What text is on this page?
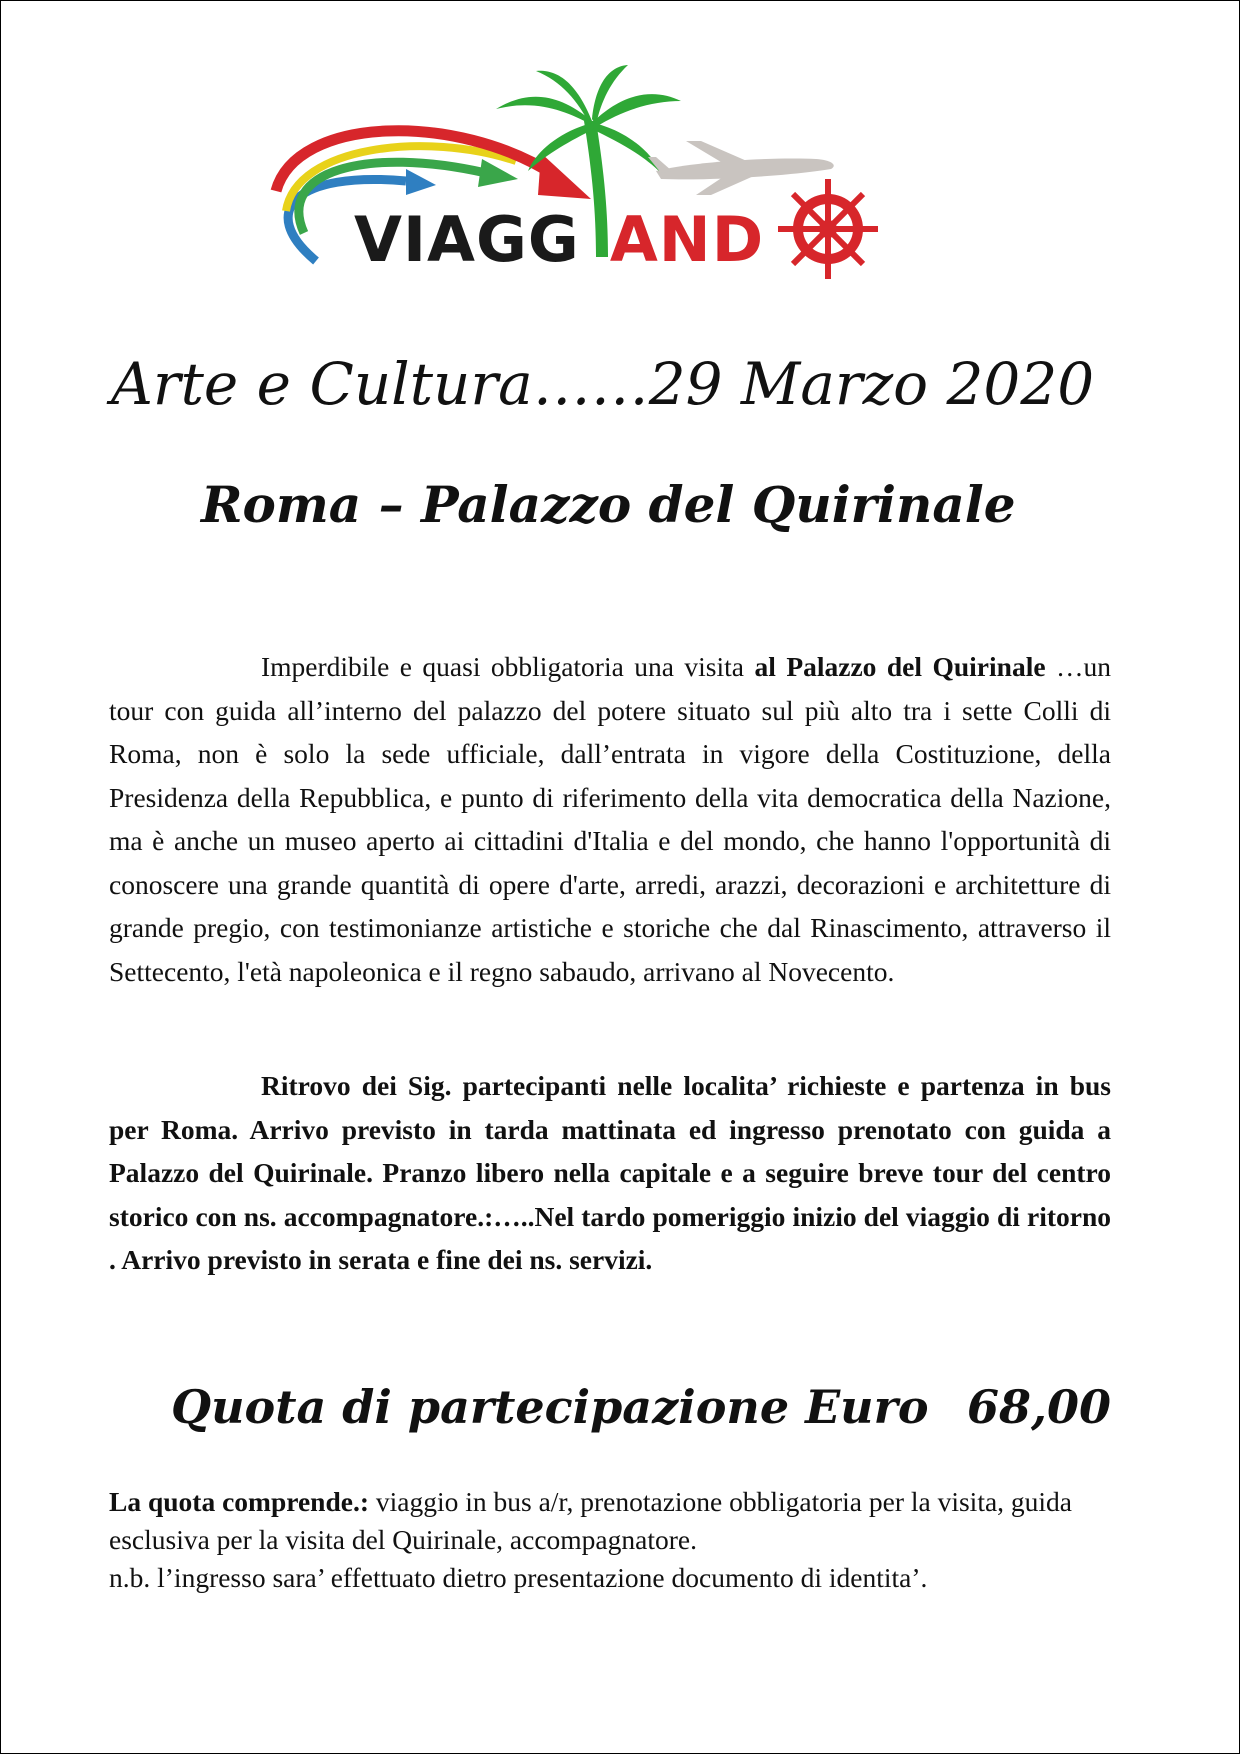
VIAGG AND
Arte e Cultura……29 Marzo 2020
Roma – Palazzo del Quirinale
Imperdibile e quasi obbligatoria una visita al Palazzo del Quirinale …un tour con guida all’interno del palazzo del potere situato sul più alto tra i sette Colli di Roma, non è solo la sede ufficiale, dall’entrata in vigore della Costituzione, della Presidenza della Repubblica, e punto di riferimento della vita democratica della Nazione, ma è anche un museo aperto ai cittadini d'Italia e del mondo, che hanno l'opportunità di conoscere una grande quantità di opere d'arte, arredi, arazzi, decorazioni e architetture di grande pregio, con testimonianze artistiche e storiche che dal Rinascimento, attraverso il Settecento, l'età napoleonica e il regno sabaudo, arrivano al Novecento.
Ritrovo dei Sig. partecipanti nelle localita’ richieste e partenza in bus per Roma. Arrivo previsto in tarda mattinata ed ingresso prenotato con guida a Palazzo del Quirinale. Pranzo libero nella capitale e a seguire breve tour del centro storico con ns. accompagnatore.:…..Nel tardo pomeriggio inizio del viaggio di ritorno . Arrivo previsto in serata e fine dei ns. servizi.
Quota di partecipazione Euro 68,00
La quota comprende.: viaggio in bus a/r, prenotazione obbligatoria per la visita, guida esclusiva per la visita del Quirinale, accompagnatore.
n.b. l’ingresso sara’ effettuato dietro presentazione documento di identita’.
